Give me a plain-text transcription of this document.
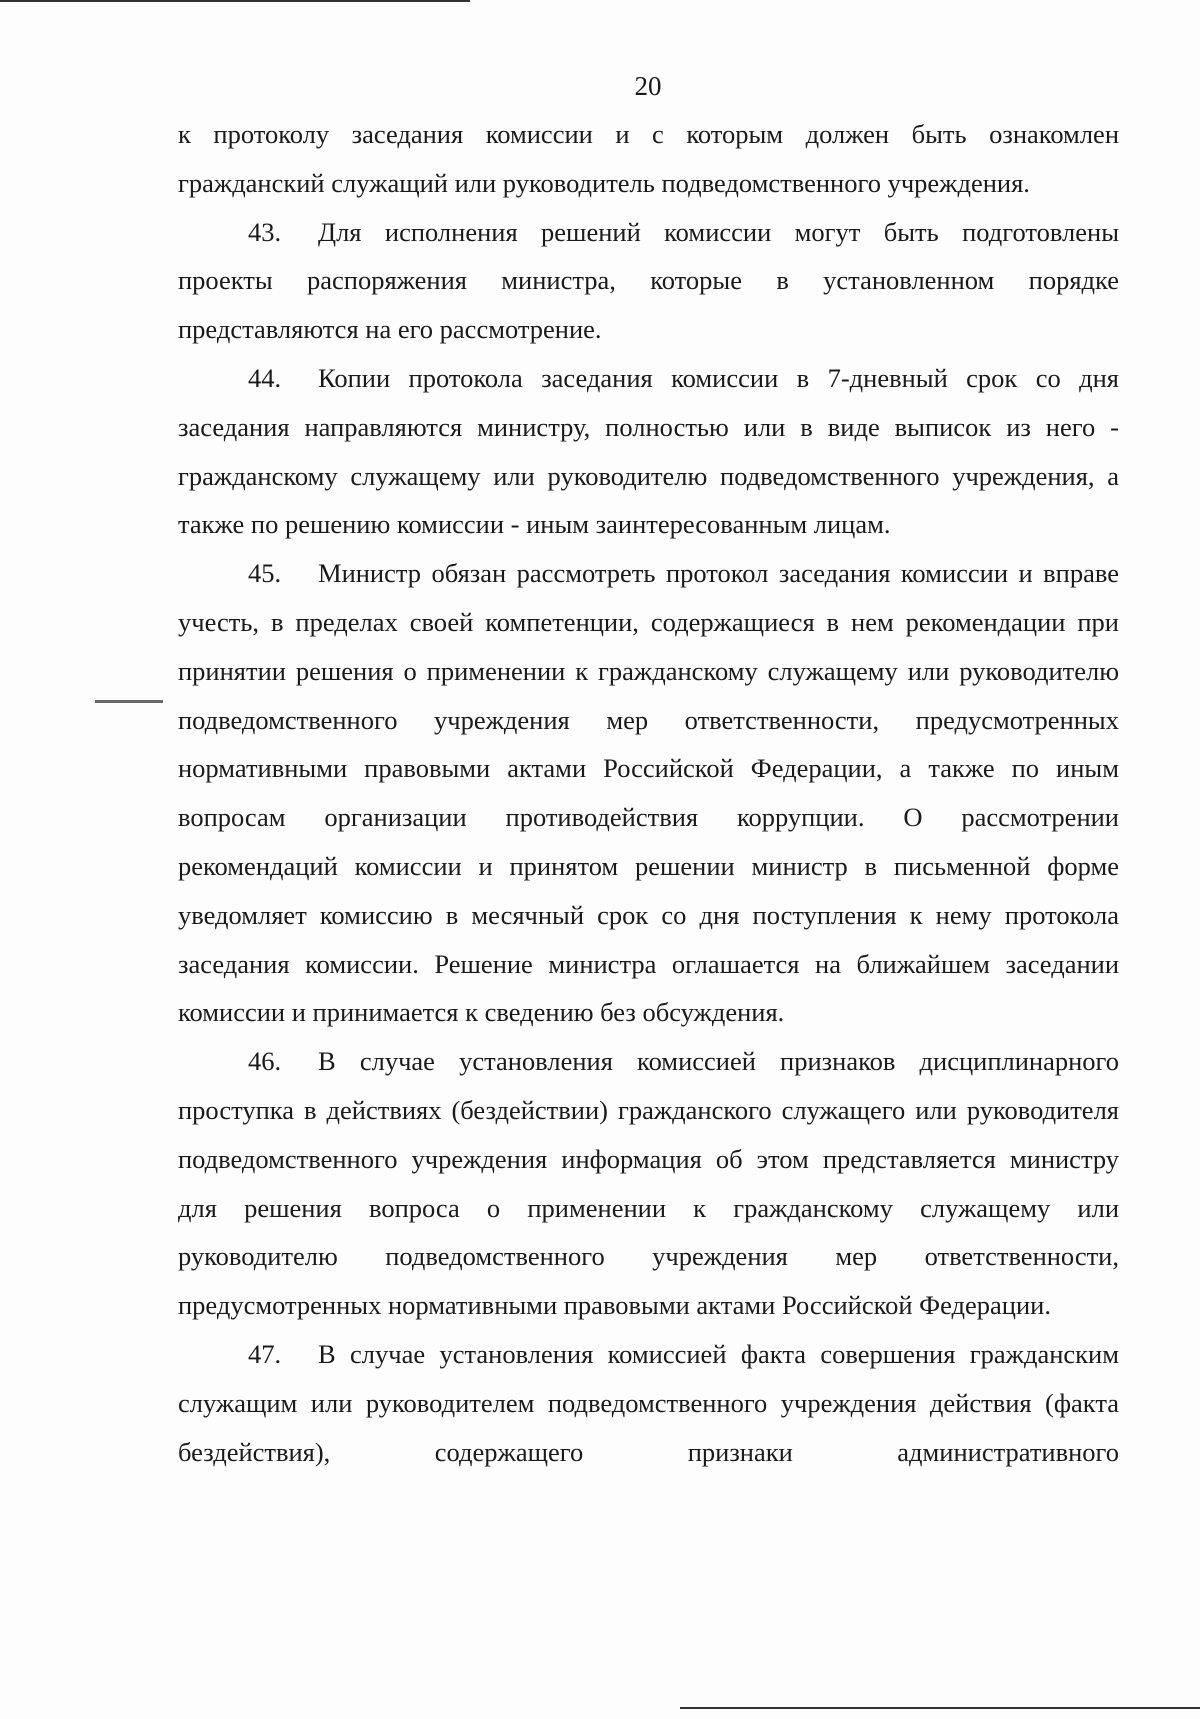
20

к протоколу заседания комиссии и с которым должен быть ознакомлен гражданский служащий или руководитель подведомственного учреждения.

43. Для исполнения решений комиссии могут быть подготовлены проекты распоряжения министра, которые в установленном порядке представляются на его рассмотрение.

44. Копии протокола заседания комиссии в 7-дневный срок со дня заседания направляются министру, полностью или в виде выписок из него - гражданскому служащему или руководителю подведомственного учреждения, а также по решению комиссии - иным заинтересованным лицам.

45. Министр обязан рассмотреть протокол заседания комиссии и вправе учесть, в пределах своей компетенции, содержащиеся в нем рекомендации при принятии решения о применении к гражданскому служащему или руководителю подведомственного учреждения мер ответственности, предусмотренных нормативными правовыми актами Российской Федерации, а также по иным вопросам организации противодействия коррупции. О рассмотрении рекомендаций комиссии и принятом решении министр в письменной форме уведомляет комиссию в месячный срок со дня поступления к нему протокола заседания комиссии. Решение министра оглашается на ближайшем заседании комиссии и принимается к сведению без обсуждения.

46. В случае установления комиссией признаков дисциплинарного проступка в действиях (бездействии) гражданского служащего или руководителя подведомственного учреждения информация об этом представляется министру для решения вопроса о применении к гражданскому служащему или руководителю подведомственного учреждения мер ответственности, предусмотренных нормативными правовыми актами Российской Федерации.

47. В случае установления комиссией факта совершения гражданским служащим или руководителем подведомственного учреждения действия (факта бездействия), содержащего признаки административного
